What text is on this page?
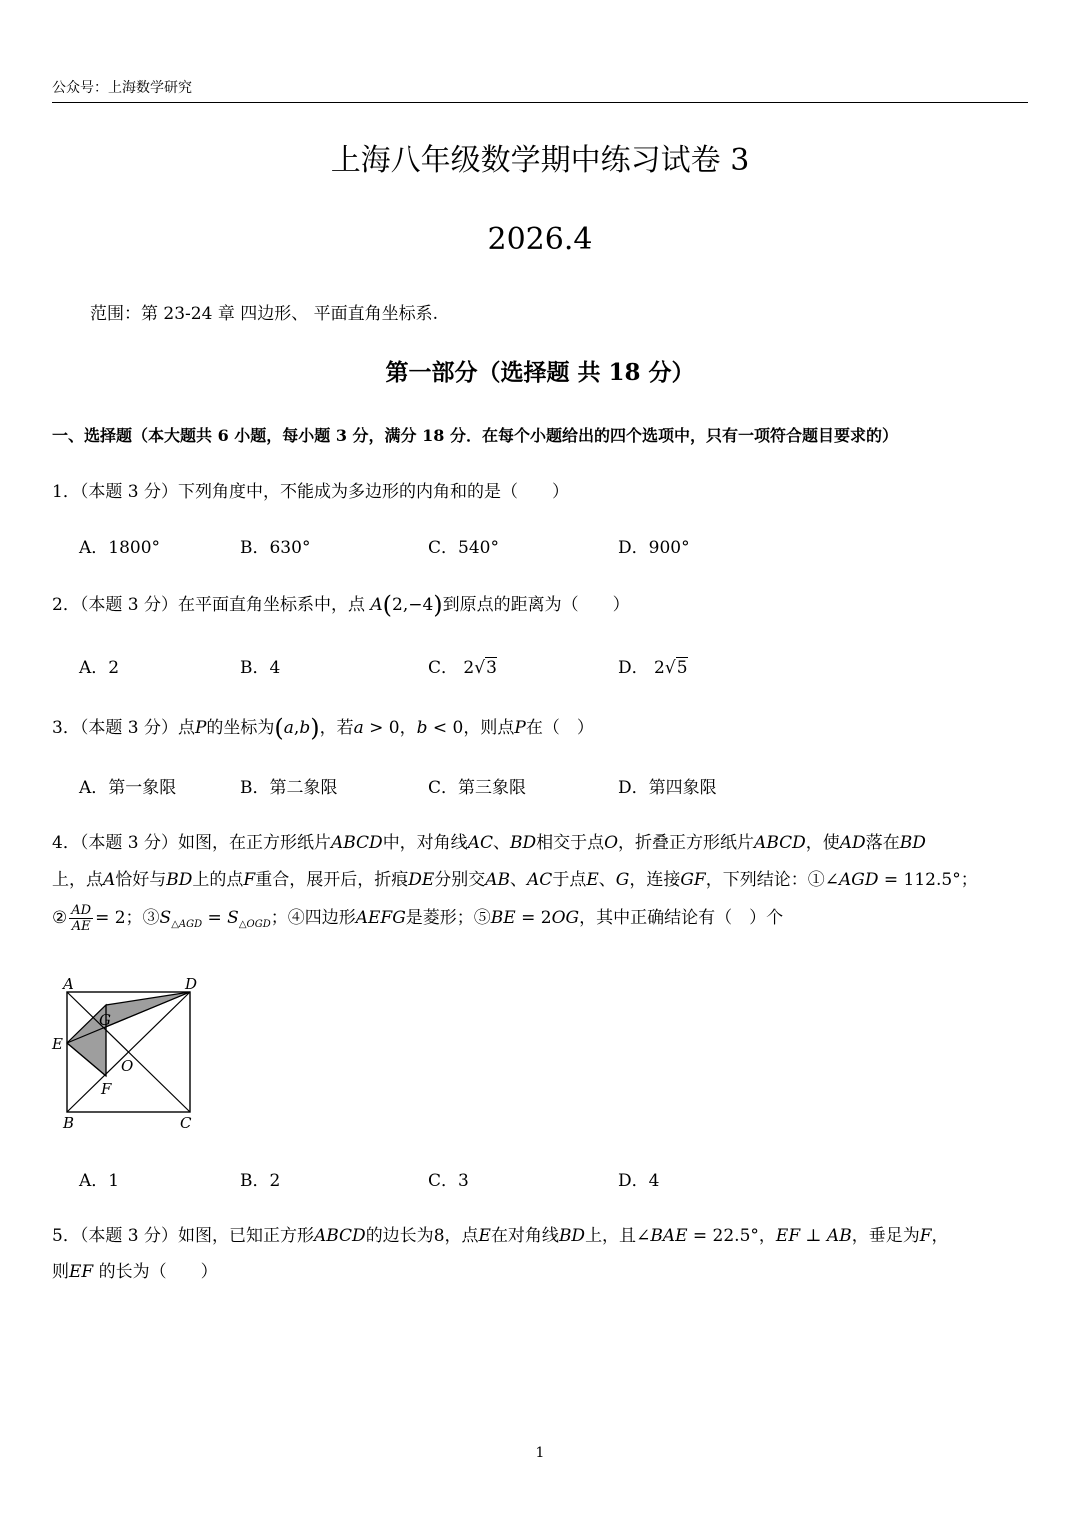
公众号：上海数学研究
上海八年级数学期中练习试卷 3
2026.4
范围：第 23-24 章 四边形、 平面直角坐标系.
第一部分（选择题 共 18 分）
一、选择题（本大题共 6 小题，每小题 3 分，满分 18 分．在每个小题给出的四个选项中，只有一项符合题目要求的）
1．（本题 3 分）下列角度中，不能成为多边形的内角和的是（　　）
A．1800°	B．630°	C．540°	D．900°
2．（本题 3 分）在平面直角坐标系中，点 A(2,−4)到原点的距离为（　　）
A．2	B．4	C． 2√3	D． 2√5
3．（本题 3 分）点P的坐标为(a,b)，若a > 0，b < 0，则点P在（　）
A．第一象限	B．第二象限	C．第三象限	D．第四象限
4．（本题 3 分）如图，在正方形纸片ABCD中，对角线AC、BD相交于点O，折叠正方形纸片ABCD，使AD落在BD
上，点A恰好与BD上的点F重合，展开后，折痕DE分别交AB、AC于点E、G，连接GF，下列结论：①∠AGD = 112.5°；
② $\frac{AD}{AE} = 2$；$③S_{\triangle AGD} = S_{\triangle OGD}$；④四边形AEFG是菱形；⑤BE = 2OG，其中正确结论有（　）个
A	D
G
E
O
F
B	C
A．1	B．2	C．3	D．4
5．（本题 3 分）如图，已知正方形ABCD的边长为8，点E在对角线BD上，且∠BAE = 22.5°，EF ⊥ AB，垂足为F，
则EF 的长为（　　）
1
